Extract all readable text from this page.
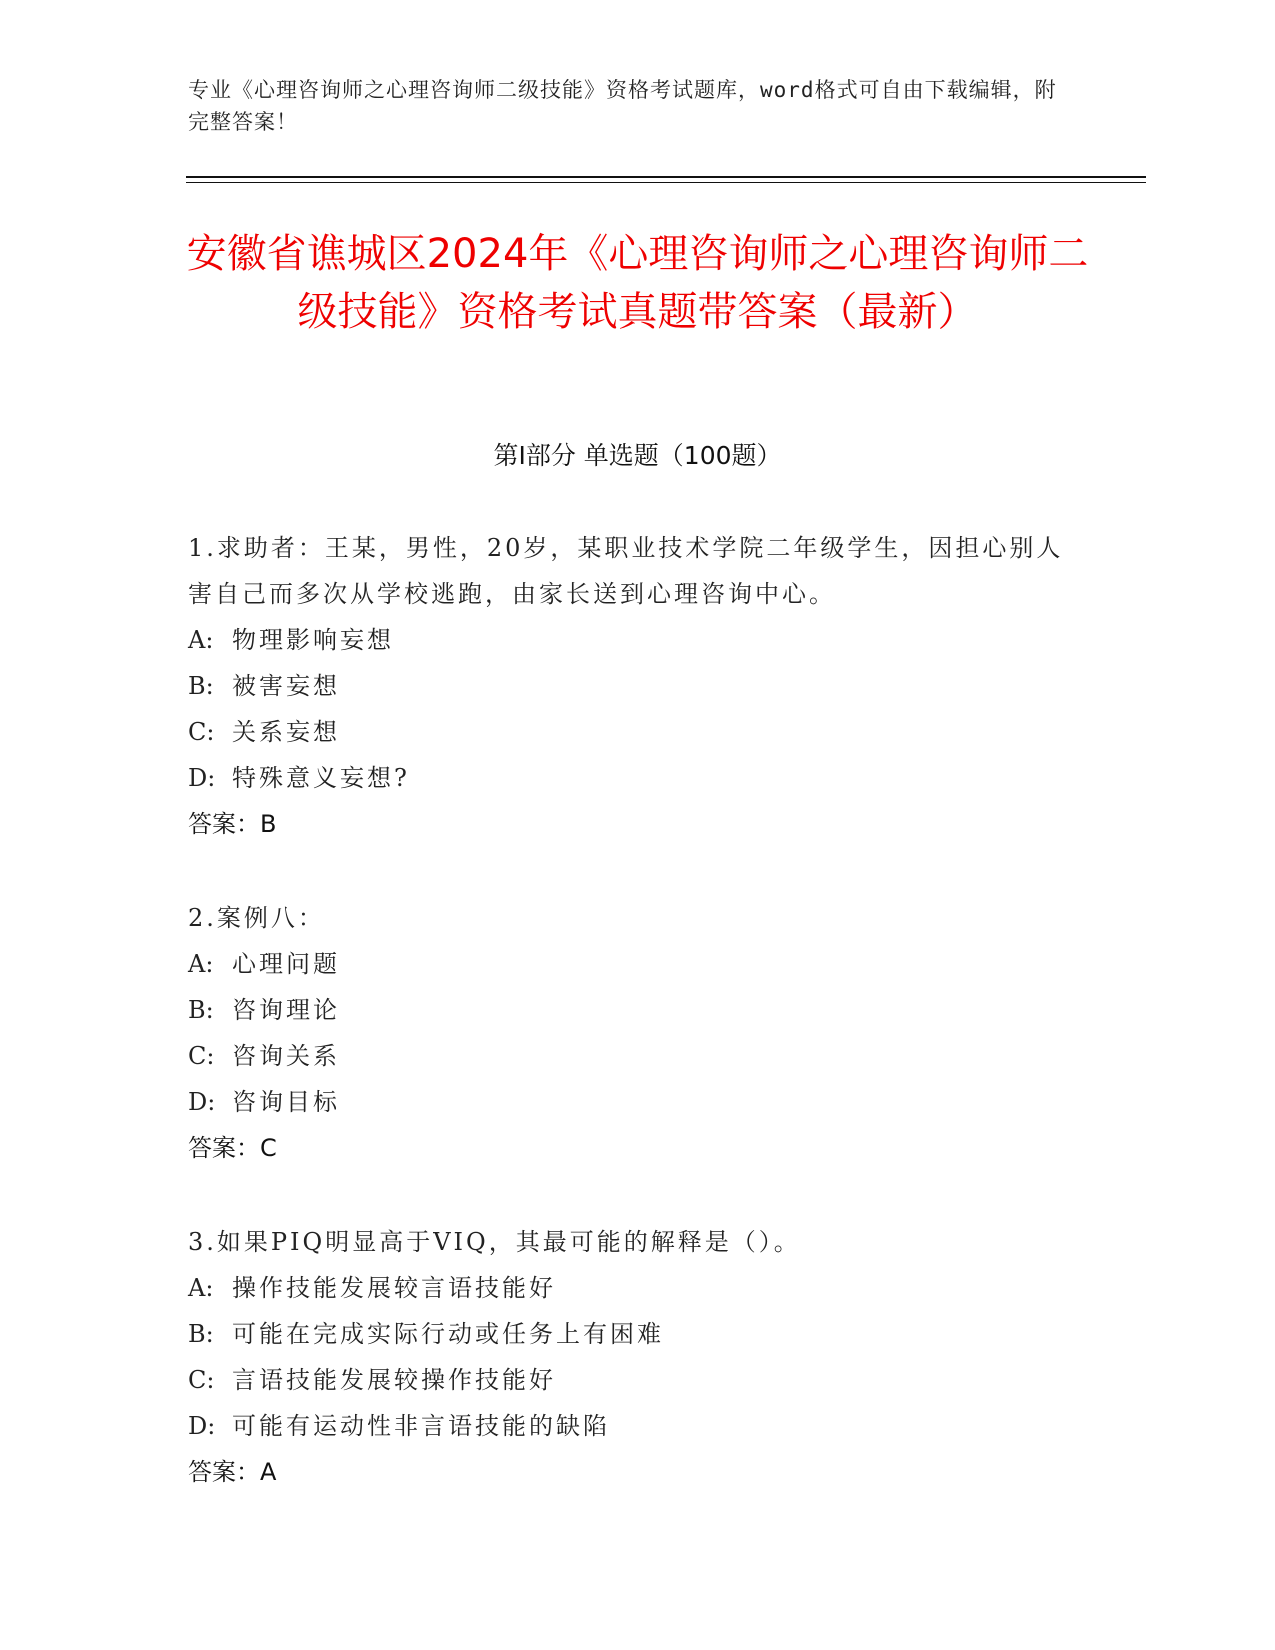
专业《心理咨询师之心理咨询师二级技能》资格考试题库，word格式可自由下载编辑，附完整答案！
安徽省谯城区2024年《心理咨询师之心理咨询师二级技能》资格考试真题带答案（最新）
第Ⅰ部分 单选题（100题）
1.求助者：王某，男性，20岁，某职业技术学院二年级学生，因担心别人害自己而多次从学校逃跑，由家长送到心理咨询中心。
A: 物理影响妄想
B: 被害妄想
C: 关系妄想
D: 特殊意义妄想?
答案：B
2.案例八：
A: 心理问题
B: 咨询理论
C: 咨询关系
D: 咨询目标
答案：C
3.如果PIQ明显高于VIQ，其最可能的解释是（）。
A: 操作技能发展较言语技能好
B: 可能在完成实际行动或任务上有困难
C: 言语技能发展较操作技能好
D: 可能有运动性非言语技能的缺陷
答案：A
